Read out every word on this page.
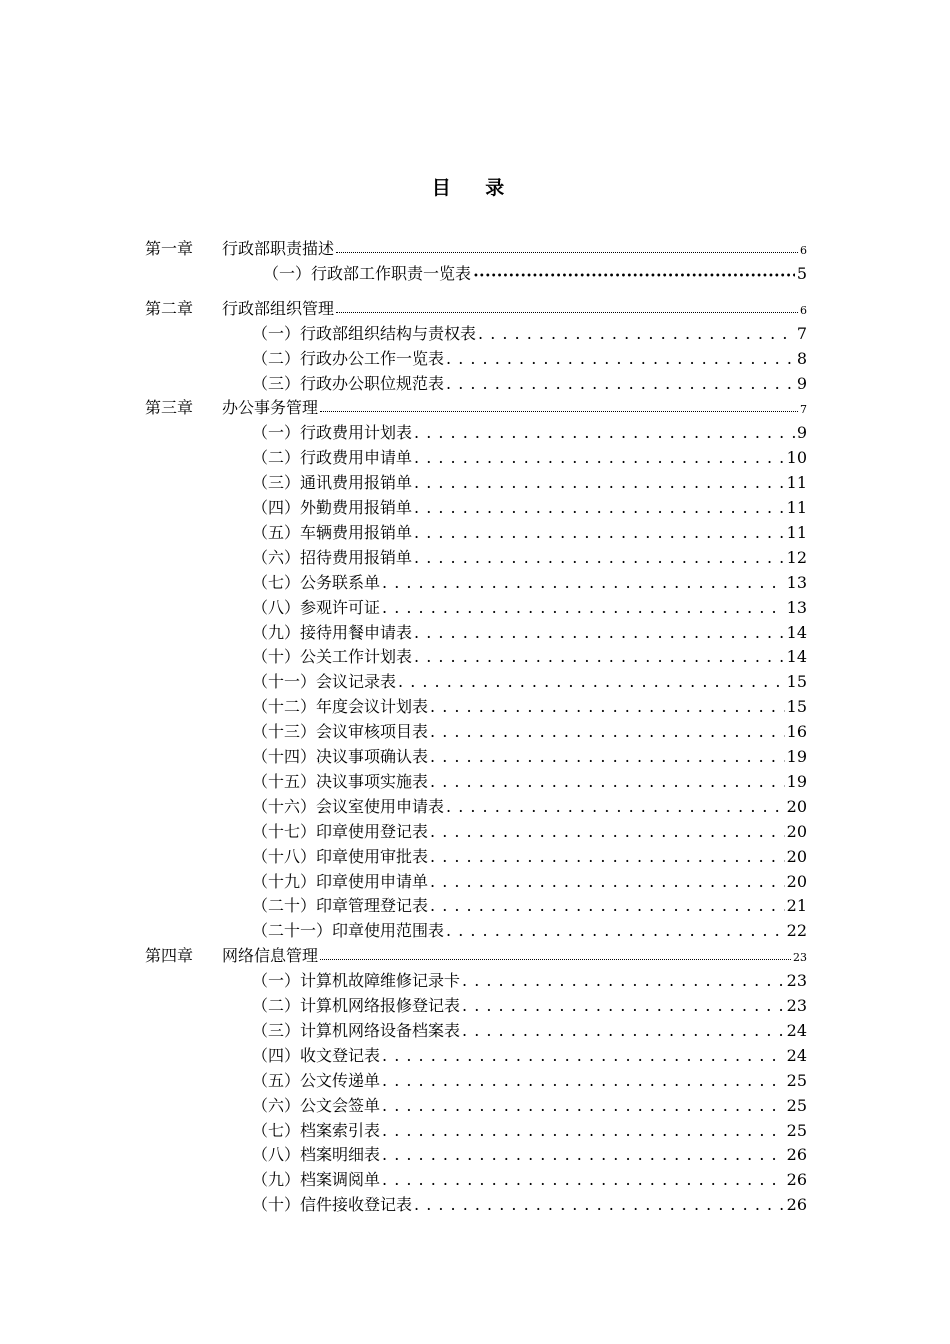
目 录
第一章	行政部职责描述	6
（一）行政部工作职责一览表 •••••	5
第二章	行政部组织管理	6
（一）行政部组织结构与责权表 . . .	7
（二）行政办公工作一览表 . . .	8
（三）行政办公职位规范表 . . .	9
第三章	办公事务管理	7
（一）行政费用计划表 . . .	9
（二）行政费用申请单 . . .	10
（三）通讯费用报销单 . . .	11
（四）外勤费用报销单 . . .	11
（五）车辆费用报销单 . . .	11
（六）招待费用报销单 . . .	12
（七）公务联系单 . . .	13
（八）参观许可证 . . .	13
（九）接待用餐申请表 . . .	14
（十）公关工作计划表 . . .	14
（十一）会议记录表 . . .	15
（十二）年度会议计划表 . . .	15
（十三）会议审核项目表 . . .	16
（十四）决议事项确认表 . . .	19
（十五）决议事项实施表 . . .	19
（十六）会议室使用申请表 . . .	20
（十七）印章使用登记表 . . .	20
（十八）印章使用审批表 . . .	20
（十九）印章使用申请单 . . .	20
（二十）印章管理登记表 . . .	21
（二十一）印章使用范围表 . . .	22
第四章	网络信息管理	23
（一）计算机故障维修记录卡 . . .	23
（二）计算机网络报修登记表 . . .	23
（三）计算机网络设备档案表 . . .	24
（四）收文登记表 . . .	24
（五）公文传递单 . . .	25
（六）公文会签单 . . .	25
（七）档案索引表 . . .	25
（八）档案明细表 . . .	26
（九）档案调阅单 . . .	26
（十）信件接收登记表 . . .	26
